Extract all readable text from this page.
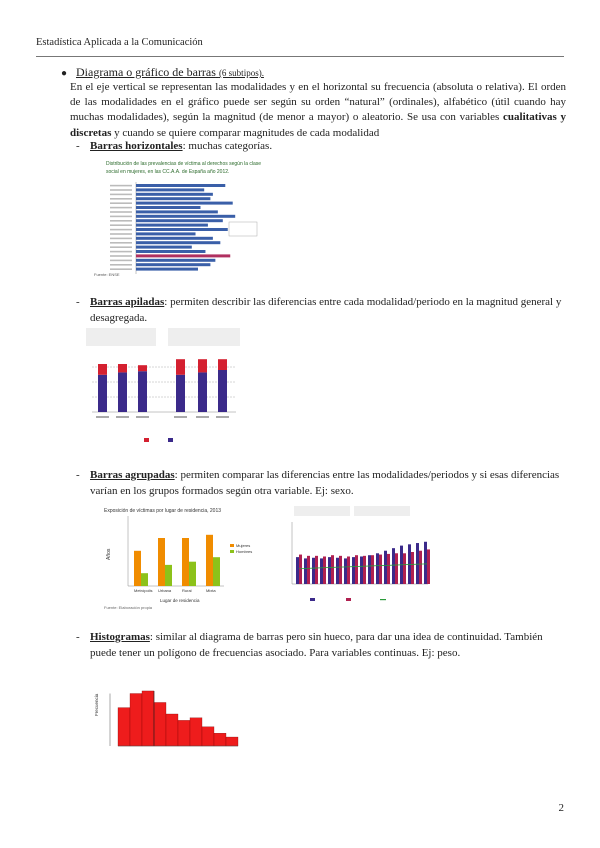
Estadística Aplicada a la Comunicación
● Diagrama o gráfico de barras (6 subtipos).
En el eje vertical se representan las modalidades y en el horizontal su frecuencia (absoluta o relativa). El orden de las modalidades en el gráfico puede ser según su orden “natural” (ordinales), alfabético (útil cuando hay muchas modalidades), según la magnitud (de menor a mayor) o aleatorio. Se usa con variables cualitativas y discretas y cuando se quiere comparar magnitudes de cada modalidad
- Barras horizontales: muchas categorías.
Distribución de las prevalencias de víctima al derechos según la clase
social en mujeres, en las CC.A.A. de España año 2012.
Fuente: ENSE
- Barras apiladas: permiten describir las diferencias entre cada modalidad/periodo en la magnitud general y desagregada.
- Barras agrupadas: permiten comparar las diferencias entre las modalidades/periodos y si esas diferencias varían en los grupos formados según otra variable. Ej: sexo.
Exposición de víctimas por lugar de residencia, 2013
Años
Metrópolis Urbana	Rural	Mixta
Mujeres
Hombres
Lugar de residencia
Fuente: Elaboración propia
- Histogramas: similar al diagrama de barras pero sin hueco, para dar una idea de continuidad. También puede tener un polígono de frecuencias asociado. Para variables continuas. Ej: peso.
Frecuencia
2
